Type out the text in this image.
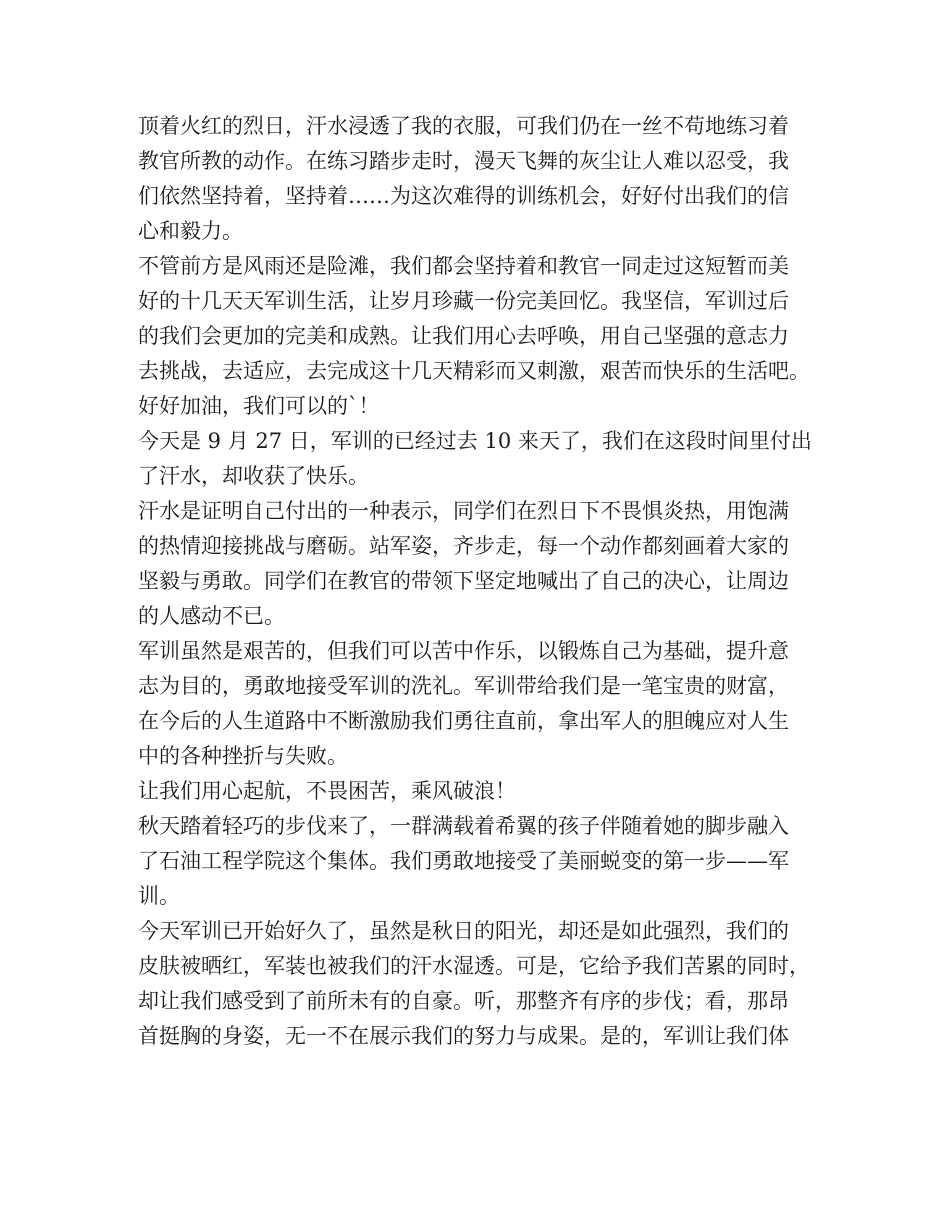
顶着火红的烈日，汗水浸透了我的衣服，可我们仍在一丝不苟地练习着
教官所教的动作。在练习踏步走时，漫天飞舞的灰尘让人难以忍受，我
们依然坚持着，坚持着……为这次难得的训练机会，好好付出我们的信
心和毅力。
不管前方是风雨还是险滩，我们都会坚持着和教官一同走过这短暂而美
好的十几天天军训生活，让岁月珍藏一份完美回忆。我坚信，军训过后
的我们会更加的完美和成熟。让我们用心去呼唤，用自己坚强的意志力
去挑战，去适应，去完成这十几天精彩而又刺激，艰苦而快乐的生活吧。
好好加油，我们可以的`！
今天是 9 月 27 日，军训的已经过去 10 来天了，我们在这段时间里付出
了汗水，却收获了快乐。
汗水是证明自己付出的一种表示，同学们在烈日下不畏惧炎热，用饱满
的热情迎接挑战与磨砺。站军姿，齐步走，每一个动作都刻画着大家的
坚毅与勇敢。同学们在教官的带领下坚定地喊出了自己的决心，让周边
的人感动不已。
军训虽然是艰苦的，但我们可以苦中作乐，以锻炼自己为基础，提升意
志为目的，勇敢地接受军训的洗礼。军训带给我们是一笔宝贵的财富，
在今后的人生道路中不断激励我们勇往直前，拿出军人的胆魄应对人生
中的各种挫折与失败。
让我们用心起航，不畏困苦，乘风破浪！
秋天踏着轻巧的步伐来了，一群满载着希翼的孩子伴随着她的脚步融入
了石油工程学院这个集体。我们勇敢地接受了美丽蜕变的第一步——军
训。
今天军训已开始好久了，虽然是秋日的阳光，却还是如此强烈，我们的
皮肤被晒红，军装也被我们的汗水湿透。可是，它给予我们苦累的同时，
却让我们感受到了前所未有的自豪。听，那整齐有序的步伐；看，那昂
首挺胸的身姿，无一不在展示我们的努力与成果。是的，军训让我们体
